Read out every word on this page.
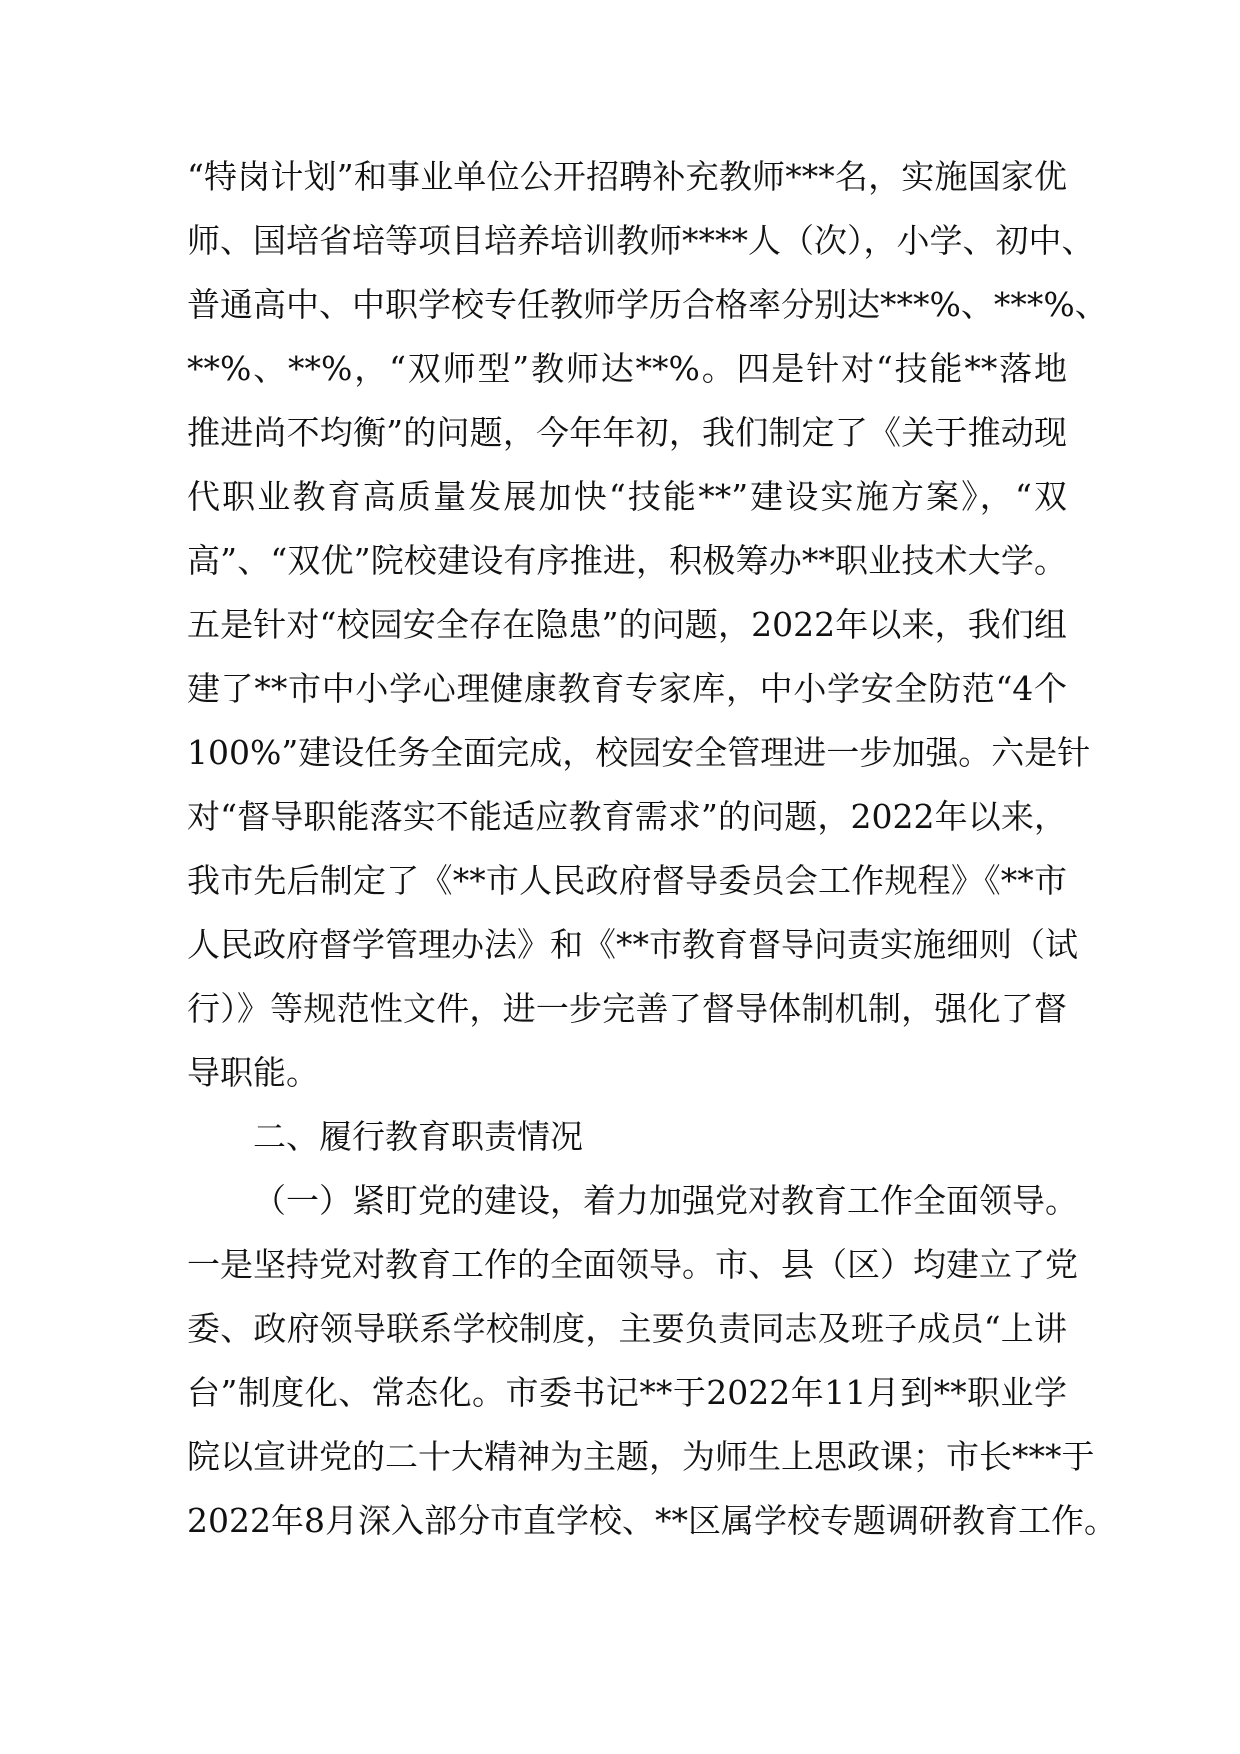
“特岗计划”和事业单位公开招聘补充教师***名，实施国家优
师、国培省培等项目培养培训教师****人（次），小学、初中、
普通高中、中职学校专任教师学历合格率分别达***%、***%、
**%、**%，“双师型”教师达**%。四是针对“技能**落地
推进尚不均衡”的问题，今年年初，我们制定了《关于推动现
代职业教育高质量发展加快“技能**”建设实施方案》，“双
高”、“双优”院校建设有序推进，积极筹办**职业技术大学。
五是针对“校园安全存在隐患”的问题，2022年以来，我们组
建了**市中小学心理健康教育专家库，中小学安全防范“4个
100%”建设任务全面完成，校园安全管理进一步加强。六是针
对“督导职能落实不能适应教育需求”的问题，2022年以来，
我市先后制定了《**市人民政府督导委员会工作规程》《**市
人民政府督学管理办法》和《**市教育督导问责实施细则（试
行）》等规范性文件，进一步完善了督导体制机制，强化了督
导职能。
二、履行教育职责情况
（一）紧盯党的建设，着力加强党对教育工作全面领导。
一是坚持党对教育工作的全面领导。市、县（区）均建立了党
委、政府领导联系学校制度，主要负责同志及班子成员“上讲
台”制度化、常态化。市委书记**于2022年11月到**职业学
院以宣讲党的二十大精神为主题，为师生上思政课；市长***于
2022年8月深入部分市直学校、**区属学校专题调研教育工作。
